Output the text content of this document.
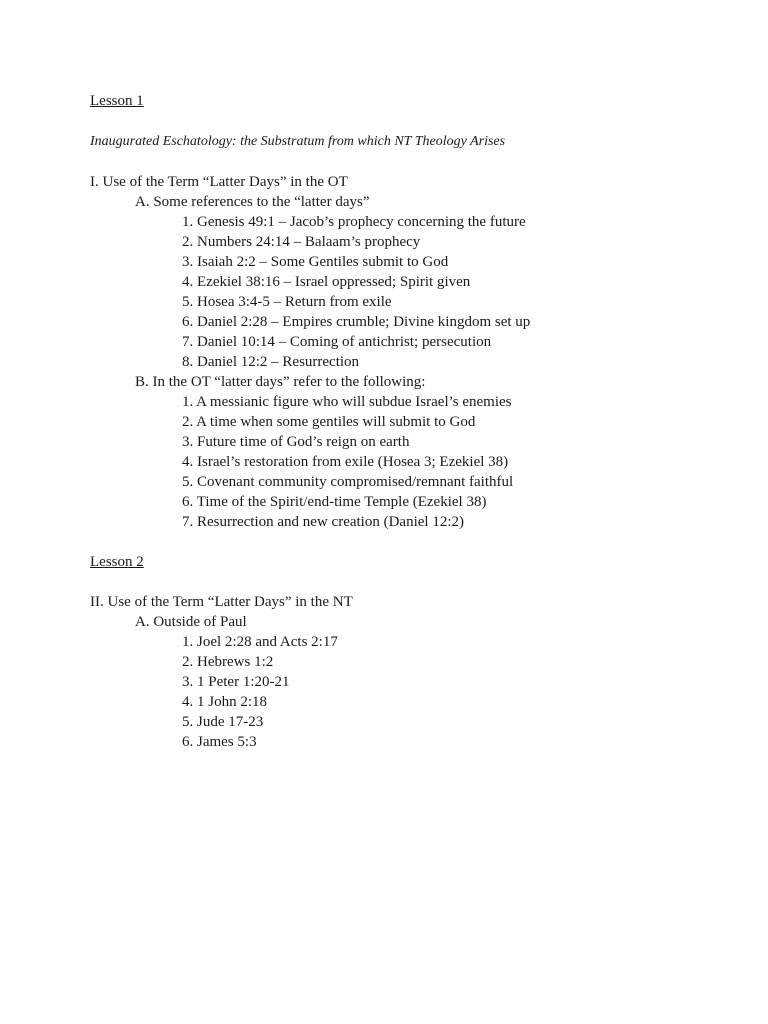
Lesson 1
Inaugurated Eschatology: the Substratum from which NT Theology Arises
I. Use of the Term “Latter Days” in the OT
A. Some references to the “latter days”
1. Genesis 49:1 – Jacob’s prophecy concerning the future
2. Numbers 24:14 – Balaam’s prophecy
3. Isaiah 2:2 – Some Gentiles submit to God
4. Ezekiel 38:16 – Israel oppressed; Spirit given
5. Hosea 3:4-5 – Return from exile
6. Daniel 2:28 – Empires crumble; Divine kingdom set up
7. Daniel 10:14 – Coming of antichrist; persecution
8. Daniel 12:2 – Resurrection
B. In the OT “latter days” refer to the following:
1. A messianic figure who will subdue Israel’s enemies
2. A time when some gentiles will submit to God
3. Future time of God’s reign on earth
4. Israel’s restoration from exile (Hosea 3; Ezekiel 38)
5. Covenant community compromised/remnant faithful
6. Time of the Spirit/end-time Temple (Ezekiel 38)
7. Resurrection and new creation (Daniel 12:2)
Lesson 2
II. Use of the Term “Latter Days” in the NT
A. Outside of Paul
1. Joel 2:28 and Acts 2:17
2. Hebrews 1:2
3. 1 Peter 1:20-21
4. 1 John 2:18
5. Jude 17-23
6. James 5:3
